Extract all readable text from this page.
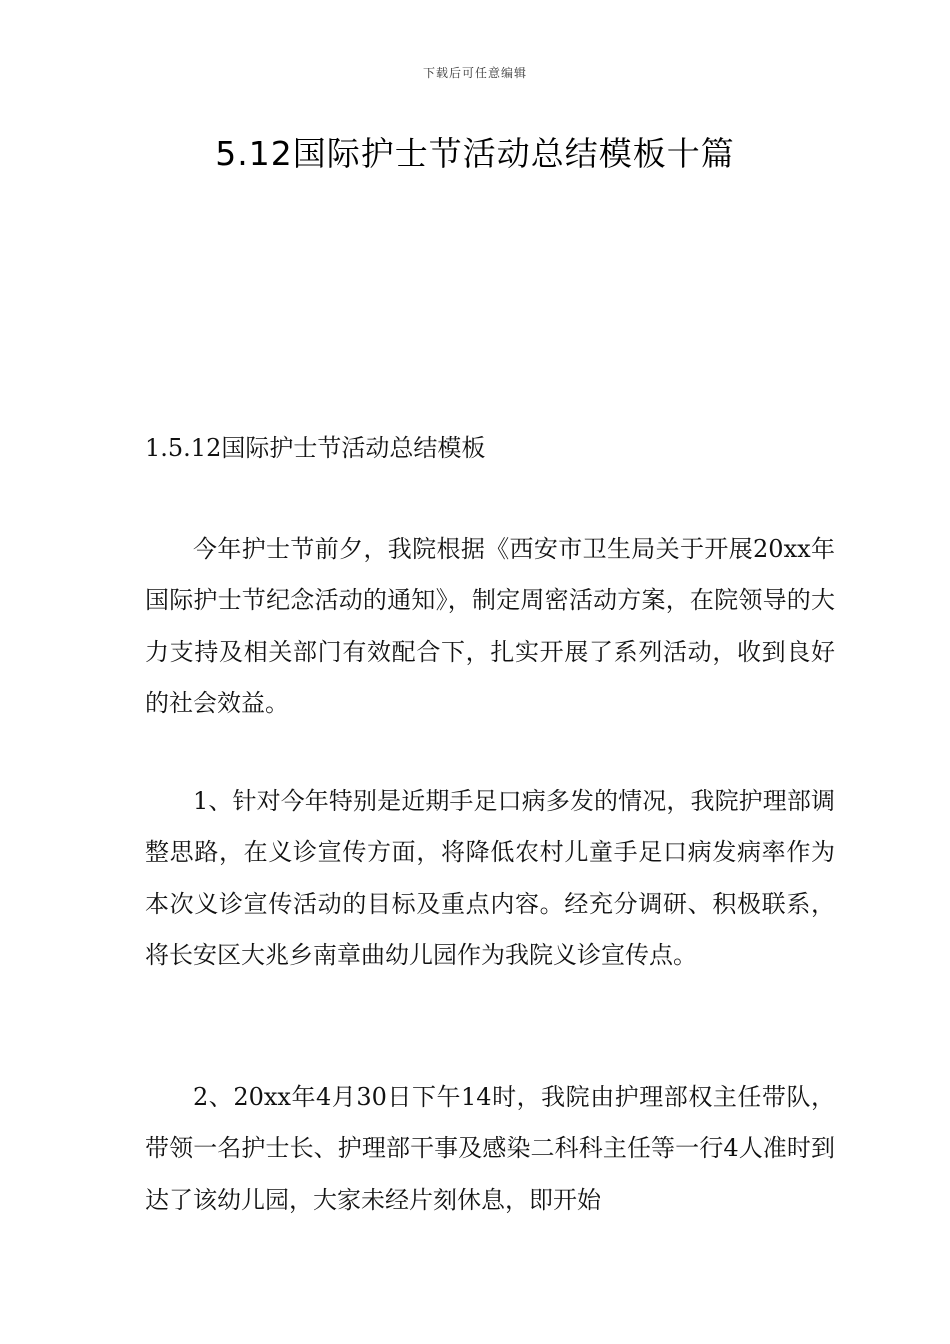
下载后可任意编辑
5.12国际护士节活动总结模板十篇
1.5.12国际护士节活动总结模板

今年护士节前夕，我院根据《西安市卫生局关于开展20xx年国际护士节纪念活动的通知》，制定周密活动方案，在院领导的大力支持及相关部门有效配合下，扎实开展了系列活动，收到良好的社会效益。

1、针对今年特别是近期手足口病多发的情况，我院护理部调整思路，在义诊宣传方面，将降低农村儿童手足口病发病率作为本次义诊宣传活动的目标及重点内容。经充分调研、积极联系，将长安区大兆乡南章曲幼儿园作为我院义诊宣传点。

2、20xx年4月30日下午14时，我院由护理部权主任带队，带领一名护士长、护理部干事及感染二科科主任等一行4人准时到达了该幼儿园，大家未经片刻休息，即开始
